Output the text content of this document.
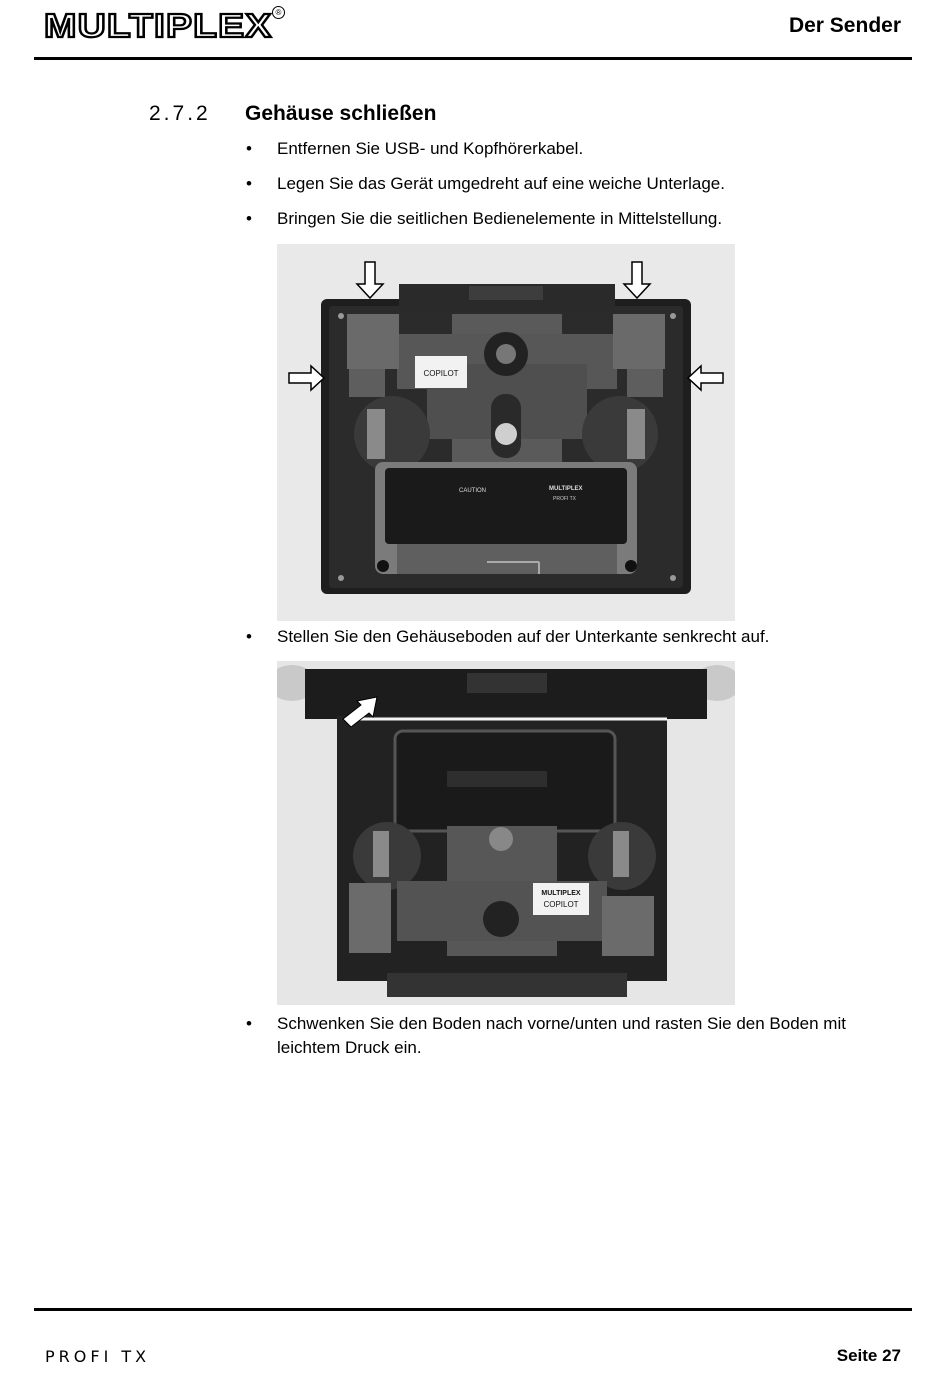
MULTIPLEX ®
Der Sender
2.7.2 Gehäuse schließen
• Entfernen Sie USB- und Kopfhörerkabel.
• Legen Sie das Gerät umgedreht auf eine weiche Unterlage.
• Bringen Sie die seitlichen Bedienelemente in Mittelstellung.
COPILOT
CAUTION	MULTIPLEX
PROFI TX
• Stellen Sie den Gehäuseboden auf der Unterkante senkrecht auf.
MULTIPLEX
COPILOT
• Schwenken Sie den Boden nach vorne/unten und rasten Sie den Boden mit leichtem Druck ein.
PROFI TX	Seite 27
